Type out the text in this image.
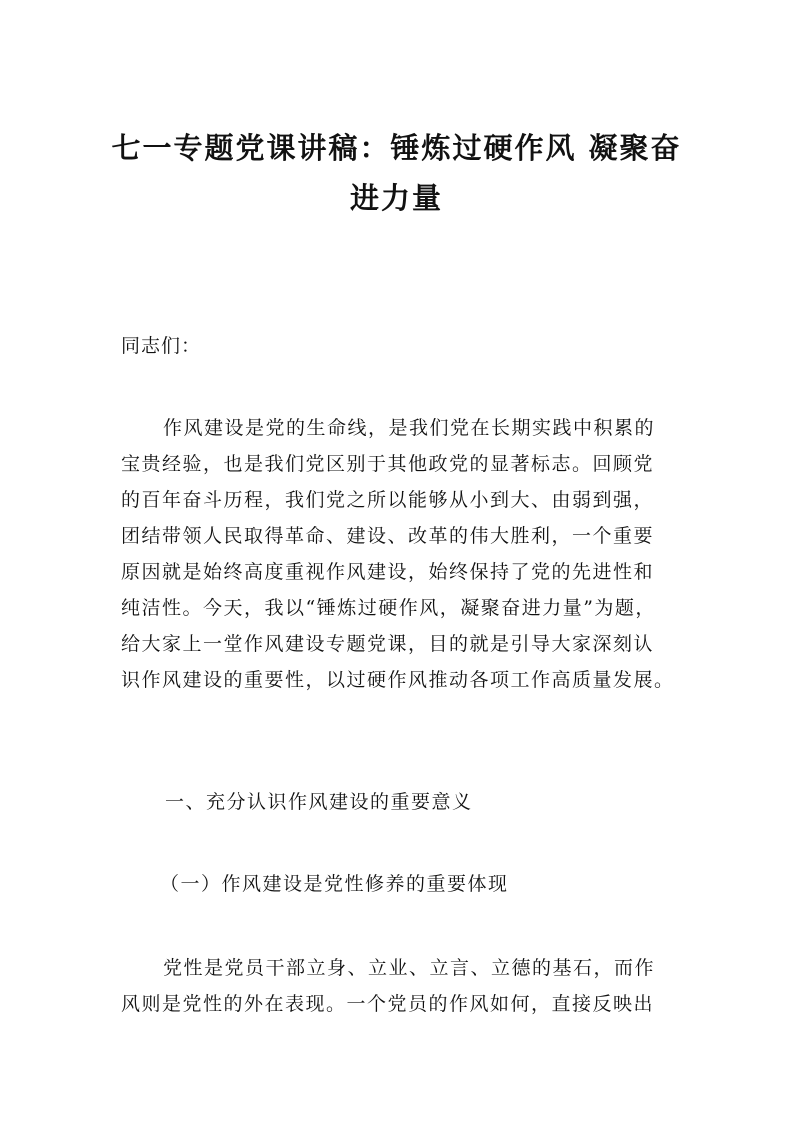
七一专题党课讲稿：锤炼过硬作风 凝聚奋
进力量

同志们：

作风建设是党的生命线，是我们党在长期实践中积累的
宝贵经验，也是我们党区别于其他政党的显著标志。回顾党
的百年奋斗历程，我们党之所以能够从小到大、由弱到强，
团结带领人民取得革命、建设、改革的伟大胜利，一个重要
原因就是始终高度重视作风建设，始终保持了党的先进性和
纯洁性。今天，我以“锤炼过硬作风，凝聚奋进力量”为题，
给大家上一堂作风建设专题党课，目的就是引导大家深刻认
识作风建设的重要性，以过硬作风推动各项工作高质量发展。

一、充分认识作风建设的重要意义

（一）作风建设是党性修养的重要体现

党性是党员干部立身、立业、立言、立德的基石，而作
风则是党性的外在表现。一个党员的作风如何，直接反映出
